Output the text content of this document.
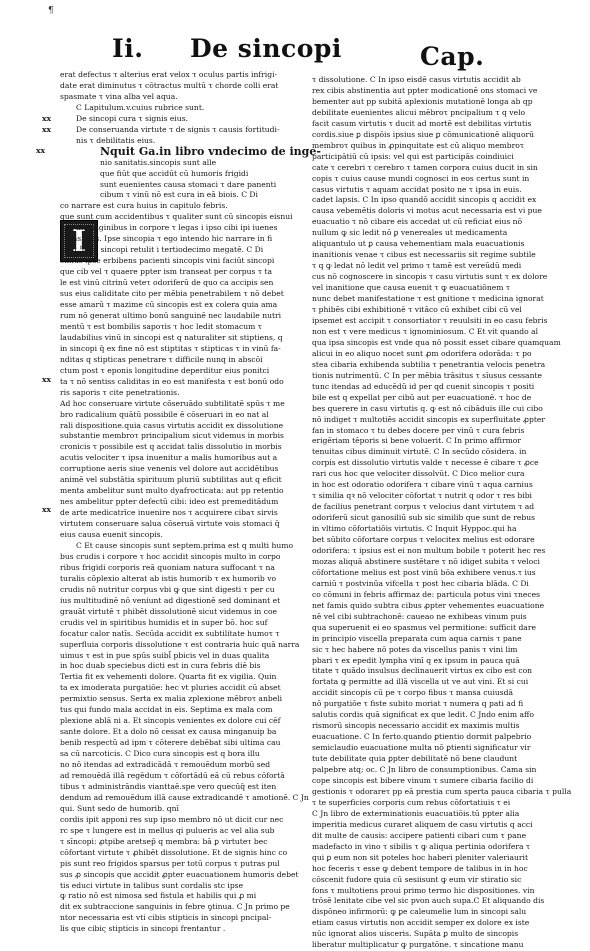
¶
Ii. De sincopi	Cap.
xx
xx
xx
xx
xx
I
erat defectus τ alterius erat velox τ oculus partis infrigi-
date erat diminutus τ cōtractus multū τ chorde colli erat
spasmate τ vina alba vel aqua.
C Lapitulum.v.cuius rubrice sunt.
De sincopi cura τ signis eius.
De conseruanda virtute τ de signis τ causis fortitudi-
nis τ debilitatis eius.
Nquit Ga.in libro vndecimo de inge-
nio sanitatis.sincopis sunt alle
que fiūt que accidūt cū humoris frigidi
sunt euenientes causa stomaci τ dare panenti
cibum τ vinū nō est cura in eā biois. C Di
co narrare est cura huius in capitulo febris.
que sunt cum accidentibus τ qualiter sunt cū sincopis eisnui
mis maclaginibus in corpore τ legas i ipso cibi ipi iuenes
curas eius. Ipse sincopia τ ego intendo hic narrare in fi
ne q.5. de sincopi retulit i tertiodecimo megatē. C Di
cimus ipse erbibens pacienti sincopis vini faciūt sincopi
que cib vel τ quaere ppter ism transeat per corpus τ ta
le est vinū citrinū veteτ odoriferū de quo ca accipis sen
sus eius caliditate cito per mēbia penetrabilem τ nō debet
esse amarū τ mazime cū sincopis est ex colera quia ama
rum nō generat ultimo bonū sanguinē nec laudabile nutri
mentū τ est bombilis sapoτis τ hoc ledit stomacum τ
laudabilius vinū in sincopi est q naturaliter sit stiptiens, q
in sincopi q̄ ex fine nō est stiptitas τ stipticas τ in vinū fa-
nditas q stipticas penetrare τ difficile nunq in abscōi
ctum post τ eponis longitudine deperditur eius ponitci
ta τ nō sentiss caliditas in eo est manifesta τ est bonū odo
ris saporis τ cite penetrationis.
Ad hoc conseruare virtute cōseruādo subtilitatē spūs τ me
bro radicalium quātū possibile ē cōseruari in eo nat al
rali dispositione.quia casus virtutis accidit ex dissolutione
substantie membroτ principalium sicut videmus in morbis
cronicis τ possibile est q accidat talis dissolutio in morbis
acutis velociter τ ipsa inuenitur a malis humoribus aut a
corruptione aeris siue venenis vel dolore aut accidētibus
animē vel substātia spirituum pluriū subtilitas aut q eficit
menta ambelitur sunt multo dyafrocticata: aut pp retentio
nes ambelitur ppter defectū cibi: ideo est premeditādum
de arte medicatrīce inuenire nos τ acquirere cibaτ sirvis
virtutem conseruare salua cōseruā virtute vois stomaci q̄
eius causa euenit sincopis.
C Et cause sincopis sunt septem.prima est q multi humo
bus crudis i corpore τ hoc accidit sincopis multo in corpo
ribus frigidi corporis reā quoniam natura suffocant τ na
turalis cōplexio alterat ab istis humorib τ ex humorib vo
crudis nō nutritur corpus vbi ꝙ que sint digesti τ per cu
ius multitudinē nō veniunt ad digestionē sed dominant et
grauāt virtutē τ phibēt dissolutionē sicut videmus in coe
crudis vel in spiritibus humidis et in super bō. hoc suf
focatur calor natīs. Secūda accidit ex subtilitate humoτ τ
superfluia corporis dissolutione τ est contraria huic quā narra
uimus τ est in pue spūs suibl̄ pbicis vel in duas qualita
in hoc duab speciebus dicti est in cura febris diē bis
Tertia fit ex vehementi dolore. Quarta fit ex vigilia. Quin
ta ex imoderata purgatiōe: hec vt pluries accidit cū abset
permixtio sensus. Serta ex malia zplexione mēbroτ anbeli
tus qui fundo mala accidat in eis. Septima ex mala com
plexione ablā ni a. Et sincopis venientes ex dolore cui cēf
sante dolore. Et a dolo nō cessat ex causa minganuip ba
benib respectū ad ipm τ cōterere debēbat sibi ultima cau
sa cū narcoticis. C Dico cura sincopis est q bora illu
no nō itendas ad extradicādā τ remouēdum morbū sed
ad remouēdā illā regēdum τ cōfortādū eā cū rebus cōfortā
tibus τ administrāndis vianttaē.spe vero quecūq̄ est iten
dendum ad remouēdum illā cause extradicandē τ amotionē. C Jn
qui. Sunt sedo de humorib. qnī
cordis ipit apponi res sup ipso membro nō ut dicit cur nec
rc spe τ lungere est in mellus qi pulueris ac vel alia sub
τ sīncopi: ꝓtpibe aretsep̄ q membra: bā ꝑ virtuteτ bec
cōfortant virtute τ ꝓhibēt dissolutione. Et de signis hinc co
pis sunt reo frigidos sparsus per totū corpus τ putras pul
sus ꝓ sincopis que accidit ꝓpter euacuationem humoris debet
tis educi virtute in talibus sunt cordalis stc ipse
ꝙ ratio nō est nimosa sed fistula et habilis qui ꝓ mi
dit ex subtraccione sanguinis in febre ꝯtinua. C Jn primo pe
ntor necessaria est vti cibis stipticis in sincopi pncipal-
lis que cibiς stipticis in sincopi frentantur .
τ dissolutione. C In ipso eisdē casus virtutis accidit ab
rex cibis abstinentia aut ppter modicationē ons stomaci ve
bementer aut pp subitā aplexionis mutationē longa ab qp
debilitate euenientes alicui mēbroτ pncipalium τ q velo
facit casum virtutis τ ducit ad mortē est debilitas virtutis
cordis.siue ꝑ dispōis ipsius siue ꝑ cōmunicationē aliquorū
membroτ quibus in ꝓpinquitate est cū aliquo membroτ
participātiū cū ipsis: vel qui est participās coindiuici
cate τ cerebri τ cerebro τ tamen corpora cuius ducit in sin
copis τ cuius cause mundi cognosci in eos certus sunt in
casus virtutis τ aquam accidat posito ne τ ipsa in euis.
cadet lapsis. C In ipso quandō accidit sincopis q accidit ex
causa vebemētis doloris vi motus acut necessaria est vi pue
euacuatio τ nō cibare eis accedat ut cū reficiat eius nō
nullum ꝙ sic ledit nō ꝑ venereales ut medicamenta
aliquantulo ut ꝑ causa vehementiam mala euacuationis
inanitionis venae τ cibus est necessariis sit regime subtile
τ q ꝙ ledat nō ledit vel primo τ tamē est vereūdū medi
cus nō cognoscere in sincopis τ casu virtutis sunt τ ex dolore
vel inanitione que causa euenit τ ꝙ euacuatiōnem τ
nunc debet manifestatione τ est gnitione τ medicina ignorat
τ phibēs cibi exhibitionē τ vitāco cū exhibet cibi cū vel
ipsemet est accipit τ consortiator τ reuulsiti in eo casu febris
non est τ vere medicus τ ignominiosum. C Et vit quando al
qua ipsa sincopis est vnde qua nō possit esset cibare quamquam
alicui in eo aliquo nocet sunt ꝓm odorifera odorāda: τ po
stea cibaria exhibenda subtilia τ penetrantia velocis penetra
tionis nutrimentū. C In per mēbia trāsitus τ sīusus cessante
tunc itendas ad educēdū id per qd cuenit sincopis τ positi
bile est q expellat per cibū aut per euacuationē. τ hoc de
bes querere in casu virtutis q. ꝙ est nō cibāduis ille cui cibo
nō indiget τ multotiēs accidit sincopis ex superfluitate ꝓpter
fan in stomaco τ tu debes docere per vinū τ cura febris
erigēriam tēporis si bene voluerit. C In primo affirmor
tenuitas cibus diminuit virtutē. C In secūdo cōsidera. in
corpis est dissolutio virtutis valde τ necesse ē cibare τ ꝓce
rari cus hoc que velociter dissolvūt. C Dico melior cura
in hoc est odoratio odorifera τ cibare vinū τ aqua carnius
τ similia qꝛ nō velociter cōfortat τ nutrit q odor τ res bibi
de facilius penetrant corpus τ velocius dant virtutem τ ad
odoriferū sicut ganosiliū sub sic similib que sunt de rebus
in vltimo cōfortatiōis virtutis. C Inquit Hyppoc.qui ha
bet sūbito cōfortare corpus τ velocitex melius est odorare
odorifera: τ ipsius est ei non multum bobile τ poterit hec res
mozas aliquā abstinere sustētare τ nō idiget subita τ veloci
cōfortatione melius est post vinū bōa exhibere venus.τ ius
carniū τ postvinūa vifcella τ post hec cibaria blāda. C Di
co cōmuni in febris affirmaz de: particula potus vini τneces
net famis quido subtra cibus ꝓpter vehementes euacuatione
nē vel cibi subtrachonē: caueao ne exhibeas vinum puis
qua superuenit ei eo spasmus vel permitione: sufficit dare
in principio viscella preparata cum aqua carnis τ pane
sic τ hec habere nō potes da viscellus panis τ vini lim
pbari τ ex epedit lympha vinī q ex ipsum in pauca quā
titate τ quādo insulsus declinauerit virtus ex cibo est con
fortata ꝙ permitte ad illā viscella ut ve aut vini. Et si cui
accidit sincopis cū pe τ corpo fibus τ mansa cuiusdā
nō purgatiōe τ fiste subito moriat τ numera q pati ad fi
salutis cordis quā significat ex que ledit. C Jndo enim affo
rismorū sincopis necessario accidit ex maximis multis
euacuatione. C In ferto.quando ꝑtientio dormit palpebrio
semiclaudio euacuatione multa nō ꝑtienti significatur vir
tute debilitate quia ꝑpter debilitatē nō bene claudunt
palpebre atq; oc. C Jn libro de consumptionibus. Cama sin
cope sincopis est bibere vinum τ sumere cibaria facilio di
gestionis τ odorareτ pp eā prestia cum sperta pauca cibaria τ pulla
τ te superficies corporis cum rebus cōfortatiuis τ ei
C Jn libro de exterminationis euacuatiōis.tū ppter alia
imperitia medicus curaret aliquem de casu virtutis q acci
dit multe de causis: accipere patienti cibari cum τ pane
madefacto in vino τ sibilis τ ꝙ aliqua pertinia odorifera τ
qui ꝑ eum non sit poteles hoc haberi pleniter valeriaurit
hoc feceris τ esse ꝙ debent tempore de talibus in in hoc
cōscenit fudore quia cū sesiisunt ꝙ eum vir stiratio sic
fons τ multotiens proui primo termo hic dispositiones. vin
trōsē lenitate cibe vel sic pvon auch supa.C Et aliquando dis
dispōneo infirmorū: ꝙ ꝑe caleumelie lum in sincopi salu
etiam casus virtutis non accidit semper ex dolore ex iste
nūc ignorat alios uisceris. Supāta ꝑ multo de sincopis
liberatur multiplicatur ꝙ purgatōne. τ sincatione manu
